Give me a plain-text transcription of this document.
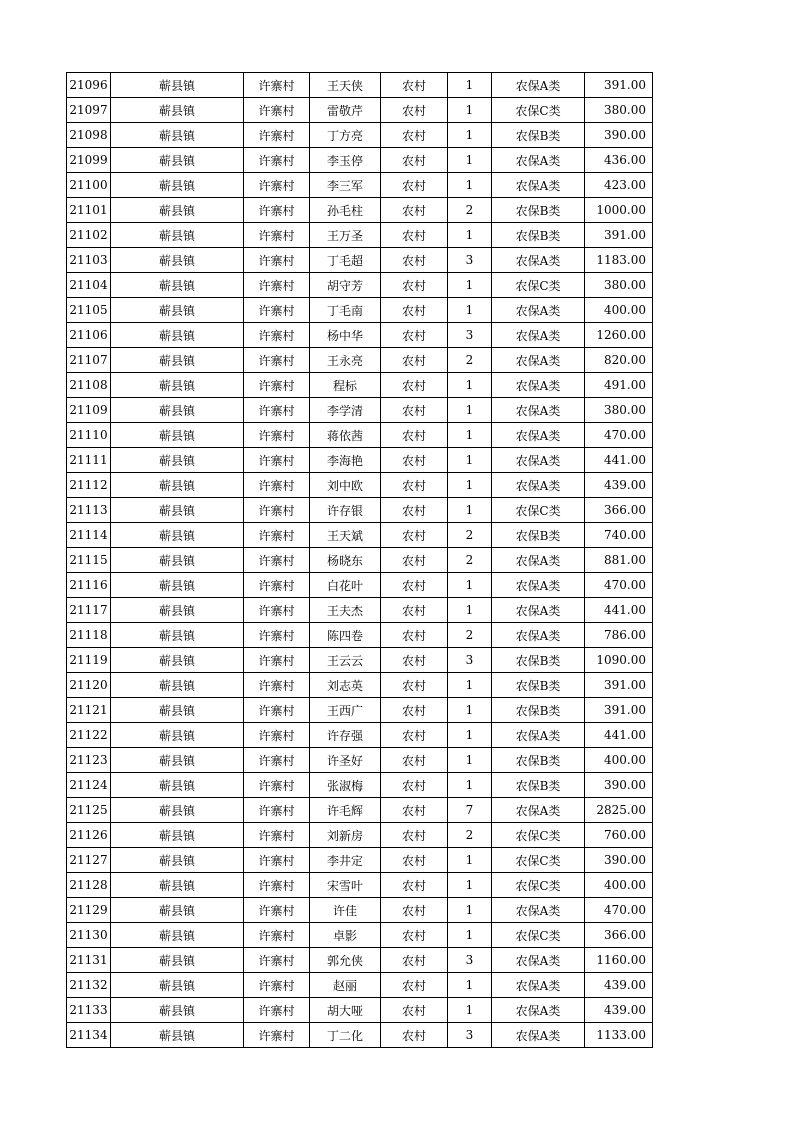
21096	蕲县镇	许寨村	王天侠	农村	1	农保A类	391.00
21097	蕲县镇	许寨村	雷敬芹	农村	1	农保C类	380.00
21098	蕲县镇	许寨村	丁方亮	农村	1	农保B类	390.00
21099	蕲县镇	许寨村	李玉停	农村	1	农保A类	436.00
21100	蕲县镇	许寨村	李三军	农村	1	农保A类	423.00
21101	蕲县镇	许寨村	孙毛柱	农村	2	农保B类	1000.00
21102	蕲县镇	许寨村	王万圣	农村	1	农保B类	391.00
21103	蕲县镇	许寨村	丁毛超	农村	3	农保A类	1183.00
21104	蕲县镇	许寨村	胡守芳	农村	1	农保C类	380.00
21105	蕲县镇	许寨村	丁毛南	农村	1	农保A类	400.00
21106	蕲县镇	许寨村	杨中华	农村	3	农保A类	1260.00
21107	蕲县镇	许寨村	王永亮	农村	2	农保A类	820.00
21108	蕲县镇	许寨村	程标	农村	1	农保A类	491.00
21109	蕲县镇	许寨村	李学清	农村	1	农保A类	380.00
21110	蕲县镇	许寨村	蒋依茜	农村	1	农保A类	470.00
21111	蕲县镇	许寨村	李海艳	农村	1	农保A类	441.00
21112	蕲县镇	许寨村	刘中欧	农村	1	农保A类	439.00
21113	蕲县镇	许寨村	许存银	农村	1	农保C类	366.00
21114	蕲县镇	许寨村	王天斌	农村	2	农保B类	740.00
21115	蕲县镇	许寨村	杨晓东	农村	2	农保A类	881.00
21116	蕲县镇	许寨村	白花叶	农村	1	农保A类	470.00
21117	蕲县镇	许寨村	王夫杰	农村	1	农保A类	441.00
21118	蕲县镇	许寨村	陈四卷	农村	2	农保A类	786.00
21119	蕲县镇	许寨村	王云云	农村	3	农保B类	1090.00
21120	蕲县镇	许寨村	刘志英	农村	1	农保B类	391.00
21121	蕲县镇	许寨村	王西广	农村	1	农保B类	391.00
21122	蕲县镇	许寨村	许存强	农村	1	农保A类	441.00
21123	蕲县镇	许寨村	许圣好	农村	1	农保B类	400.00
21124	蕲县镇	许寨村	张淑梅	农村	1	农保B类	390.00
21125	蕲县镇	许寨村	许毛辉	农村	7	农保A类	2825.00
21126	蕲县镇	许寨村	刘新房	农村	2	农保C类	760.00
21127	蕲县镇	许寨村	李井定	农村	1	农保C类	390.00
21128	蕲县镇	许寨村	宋雪叶	农村	1	农保C类	400.00
21129	蕲县镇	许寨村	许佳	农村	1	农保A类	470.00
21130	蕲县镇	许寨村	卓影	农村	1	农保C类	366.00
21131	蕲县镇	许寨村	郭允侠	农村	3	农保A类	1160.00
21132	蕲县镇	许寨村	赵丽	农村	1	农保A类	439.00
21133	蕲县镇	许寨村	胡大哑	农村	1	农保A类	439.00
21134	蕲县镇	许寨村	丁二化	农村	3	农保A类	1133.00
